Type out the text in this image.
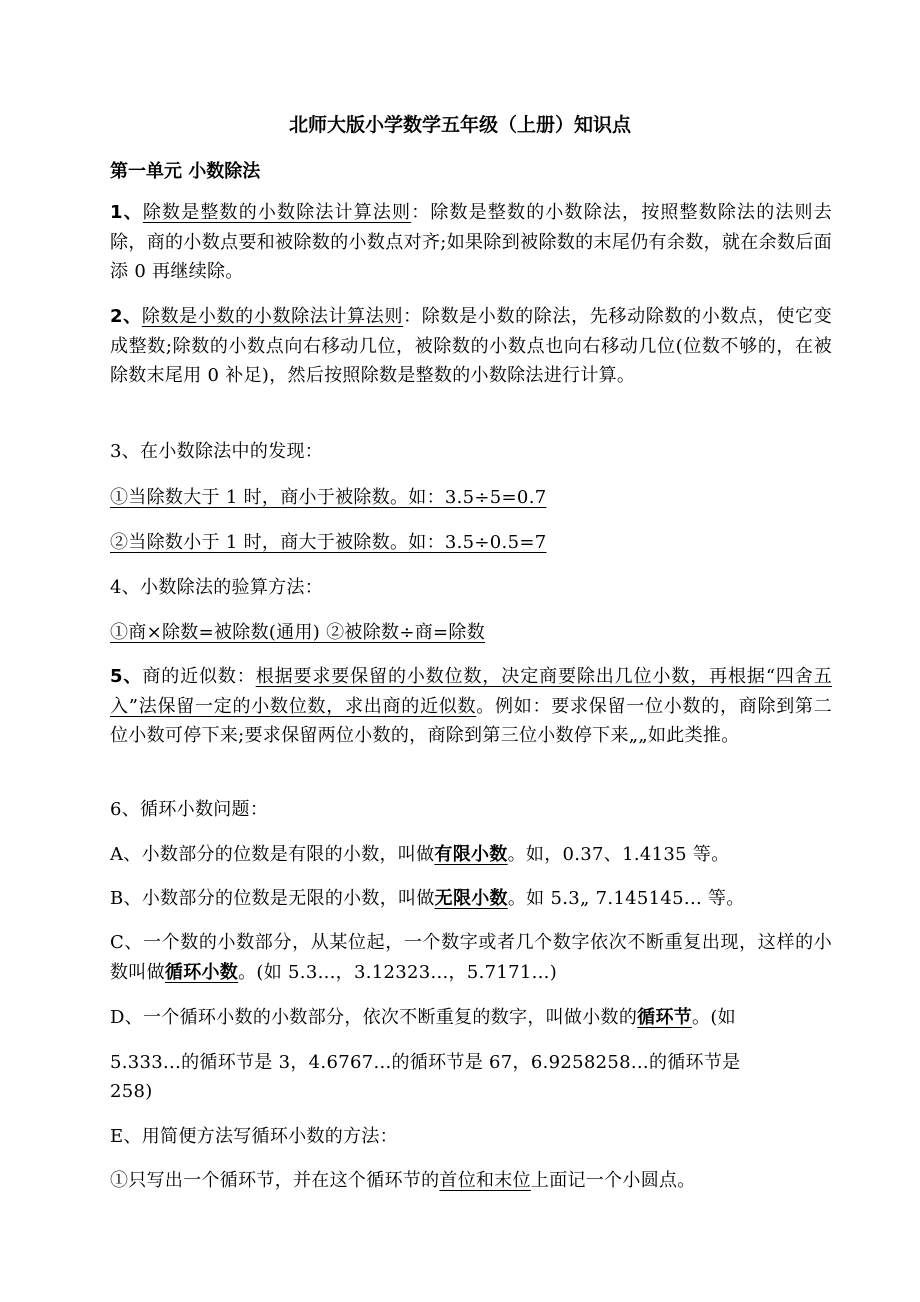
北师大版小学数学五年级（上册）知识点
第一单元 小数除法
1、除数是整数的小数除法计算法则：除数是整数的小数除法，按照整数除法的法则去除，商的小数点要和被除数的小数点对齐;如果除到被除数的末尾仍有余数，就在余数后面添 0 再继续除。
2、除数是小数的小数除法计算法则：除数是小数的除法，先移动除数的小数点，使它变成整数;除数的小数点向右移动几位，被除数的小数点也向右移动几位(位数不够的，在被除数末尾用 0 补足)，然后按照除数是整数的小数除法进行计算。
3、在小数除法中的发现：
①当除数大于 1 时，商小于被除数。如：3.5÷5=0.7
②当除数小于 1 时，商大于被除数。如：3.5÷0.5=7
4、小数除法的验算方法：
①商×除数=被除数(通用) ②被除数÷商=除数
5、商的近似数：根据要求要保留的小数位数，决定商要除出几位小数，再根据“四舍五入”法保留一定的小数位数，求出商的近似数。例如：要求保留一位小数的，商除到第二位小数可停下来;要求保留两位小数的，商除到第三位小数停下来„„如此类推。
6、循环小数问题：
A、小数部分的位数是有限的小数，叫做有限小数。如，0.37、1.4135 等。
B、小数部分的位数是无限的小数，叫做无限小数。如 5.3„ 7.145145... 等。
C、一个数的小数部分，从某位起，一个数字或者几个数字依次不断重复出现，这样的小数叫做循环小数。(如 5.3...，3.12323...，5.7171...)
D、一个循环小数的小数部分，依次不断重复的数字，叫做小数的循环节。(如
5.333...的循环节是 3，4.6767...的循环节是 67，6.9258258...的循环节是
258)
E、用简便方法写循环小数的方法：
①只写出一个循环节，并在这个循环节的首位和末位上面记一个小圆点。
